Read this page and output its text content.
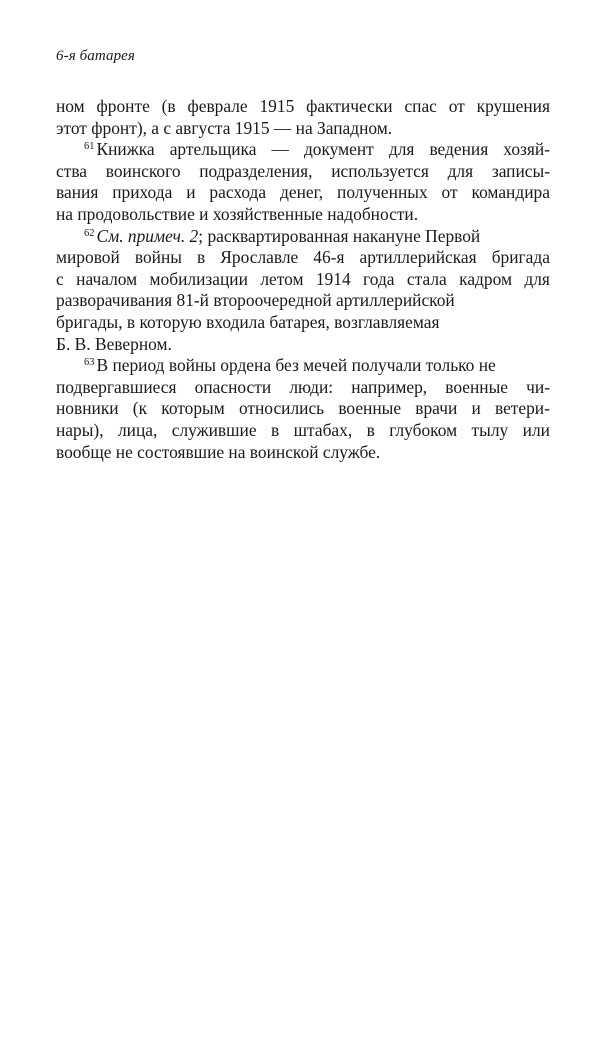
6-я батарея
ном фронте (в феврале 1915 фактически спас от крушения
этот фронт), а с августа 1915 — на Западном.
$^{61}$ Книжка артельщика — документ для ведения хозяй-
ства воинского подразделения, используется для записы-
вания прихода и расхода денег, полученных от командира
на продовольствие и хозяйственные надобности.
$^{62}$ См. примеч. 2; расквартированная накануне Первой
мировой войны в Ярославле 46-я артиллерийская бригада
с началом мобилизации летом 1914 года стала кадром для
разворачивания 81-й второочередной артиллерийской
бригады, в которую входила батарея, возглавляемая
Б. В. Веверном.
$^{63}$ В период войны ордена без мечей получали только не
подвергавшиеся опасности люди: например, военные чи-
новники (к которым относились военные врачи и ветери-
нары), лица, служившие в штабах, в глубоком тылу или
вообще не состоявшие на воинской службе.
